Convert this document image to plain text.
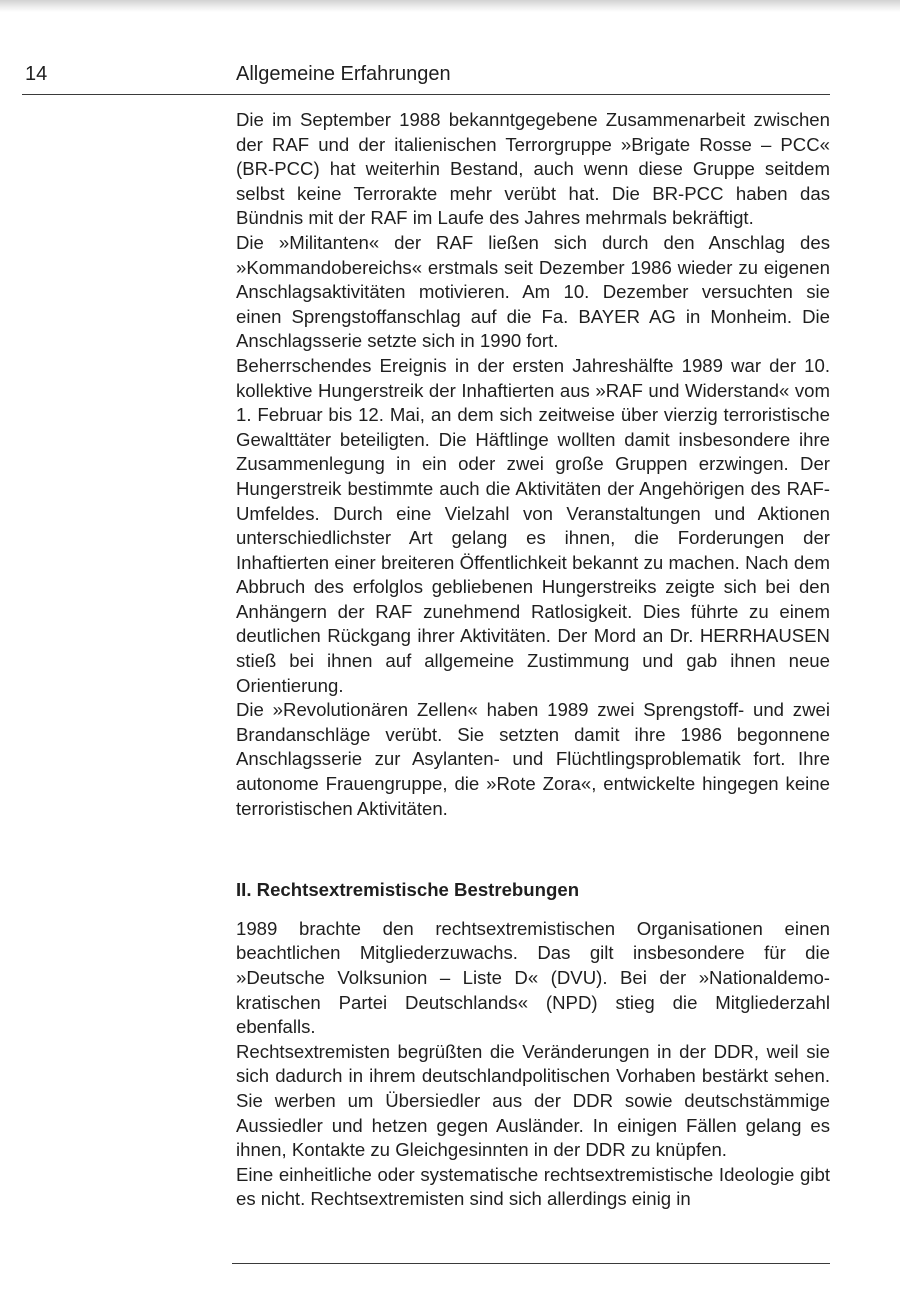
14	Allgemeine Erfahrungen

Die im September 1988 bekanntgegebene Zusammenarbeit zwischen der RAF und der italienischen Terrorgruppe »Brigate Rosse – PCC« (BR-PCC) hat weiterhin Bestand, auch wenn diese Gruppe seitdem selbst keine Terrorakte mehr verübt hat. Die BR-PCC haben das Bündnis mit der RAF im Laufe des Jahres mehrmals bekräftigt.

Die »Militanten« der RAF ließen sich durch den Anschlag des »Kommandobereichs« erstmals seit Dezember 1986 wieder zu eigenen Anschlagsaktivitäten motivieren. Am 10. Dezember versuchten sie einen Sprengstoffanschlag auf die Fa. BAYER AG in Monheim. Die Anschlagsserie setzte sich in 1990 fort.

Beherrschendes Ereignis in der ersten Jahreshälfte 1989 war der 10. kollektive Hungerstreik der Inhaftierten aus »RAF und Widerstand« vom 1. Februar bis 12. Mai, an dem sich zeitweise über vierzig terroristische Gewalttäter beteiligten. Die Häftlinge wollten damit insbesondere ihre Zusammenlegung in ein oder zwei große Gruppen erzwingen. Der Hungerstreik bestimmte auch die Aktivitäten der Angehörigen des RAF-Umfeldes. Durch eine Vielzahl von Veranstaltungen und Aktionen unterschiedlichster Art gelang es ihnen, die Forderungen der Inhaftierten einer breiteren Öffentlichkeit bekannt zu machen. Nach dem Abbruch des erfolglos gebliebenen Hungerstreiks zeigte sich bei den Anhängern der RAF zunehmend Ratlosigkeit. Dies führte zu einem deutlichen Rückgang ihrer Aktivitäten. Der Mord an Dr. HERRHAUSEN stieß bei ihnen auf allgemeine Zustimmung und gab ihnen neue Orientierung.

Die »Revolutionären Zellen« haben 1989 zwei Sprengstoff- und zwei Brandanschläge verübt. Sie setzten damit ihre 1986 begonnene Anschlagsserie zur Asylanten- und Flüchtlingsproblematik fort. Ihre autonome Frauengruppe, die »Rote Zora«, entwickelte hingegen keine terroristischen Aktivitäten.

II. Rechtsextremistische Bestrebungen

1989 brachte den rechtsextremistischen Organisationen einen beachtlichen Mitgliederzuwachs. Das gilt insbesondere für die »Deutsche Volksunion – Liste D« (DVU). Bei der »Nationaldemokratischen Partei Deutschlands« (NPD) stieg die Mitgliederzahl ebenfalls.

Rechtsextremisten begrüßten die Veränderungen in der DDR, weil sie sich dadurch in ihrem deutschlandpolitischen Vorhaben bestärkt sehen. Sie werben um Übersiedler aus der DDR sowie deutschstämmige Aussiedler und hetzen gegen Ausländer. In einigen Fällen gelang es ihnen, Kontakte zu Gleichgesinnten in der DDR zu knüpfen.

Eine einheitliche oder systematische rechtsextremistische Ideologie gibt es nicht. Rechtsextremisten sind sich allerdings einig in
